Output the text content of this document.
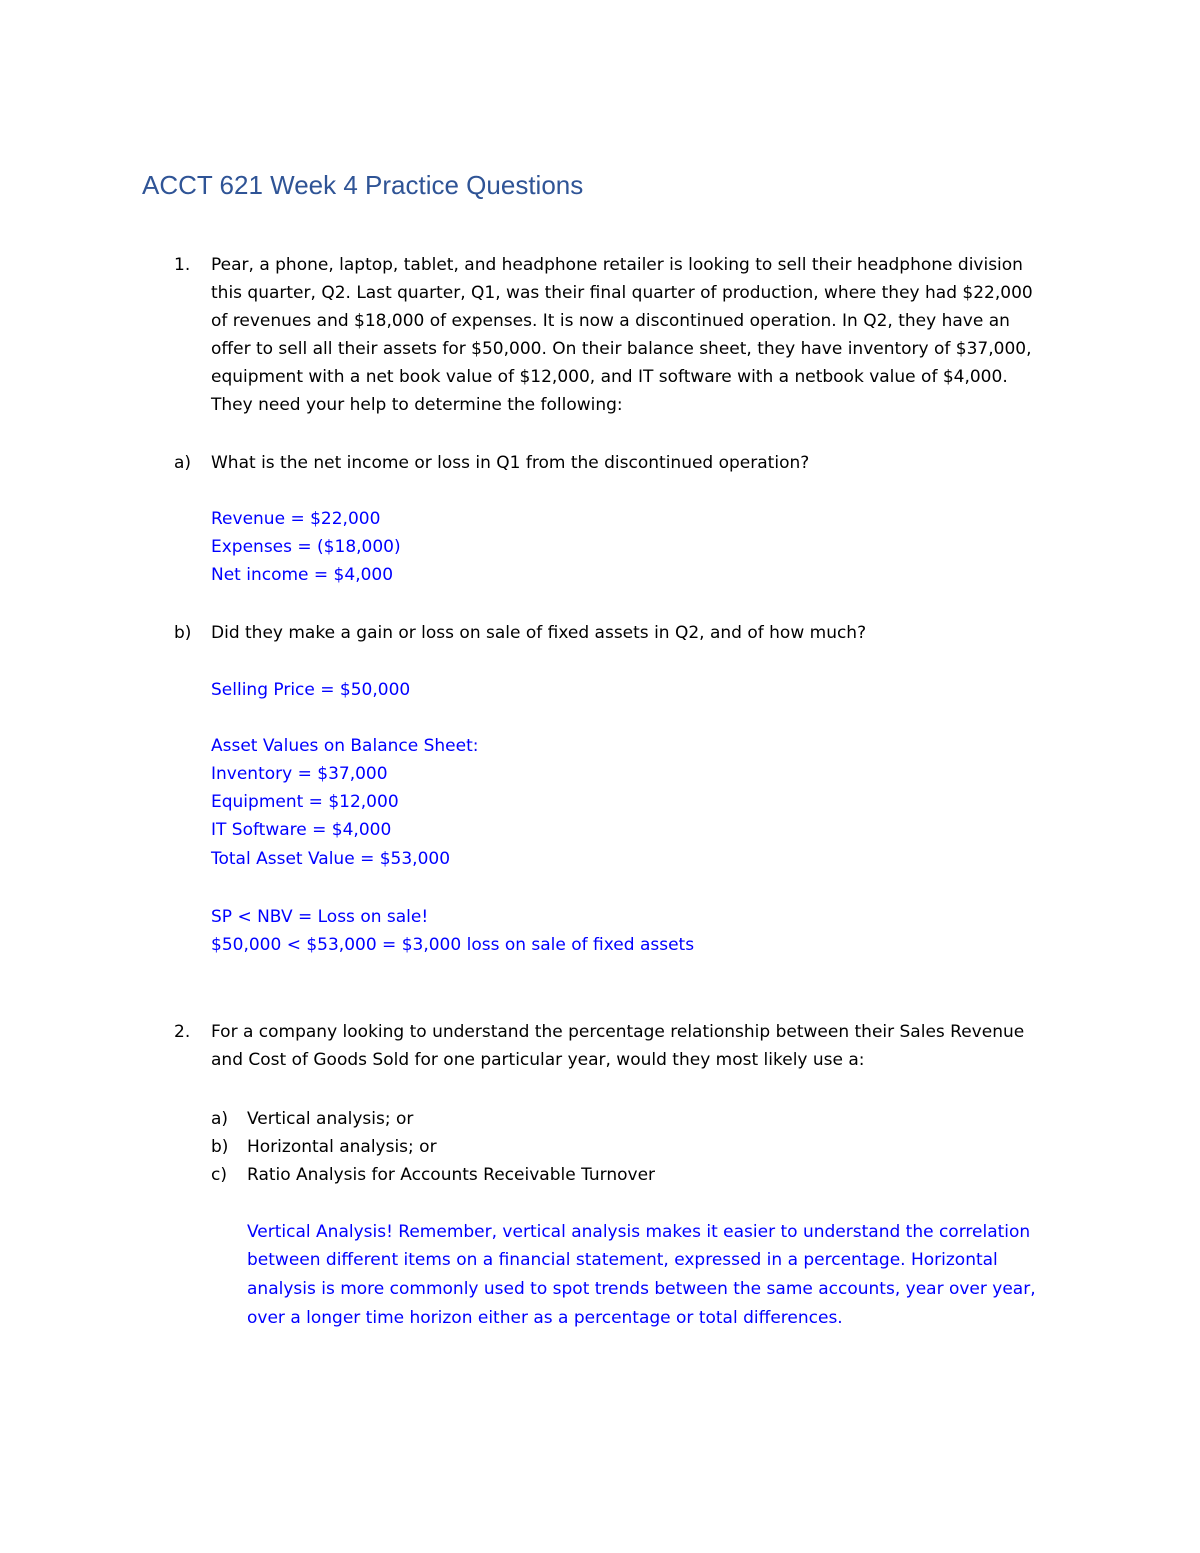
ACCT 621 Week 4 Practice Questions

1. Pear, a phone, laptop, tablet, and headphone retailer is looking to sell their headphone division

this quarter, Q2. Last quarter, Q1, was their final quarter of production, where they had $22,000

of revenues and $18,000 of expenses. It is now a discontinued operation. In Q2, they have an

offer to sell all their assets for $50,000. On their balance sheet, they have inventory of $37,000,

equipment with a net book value of $12,000, and IT software with a netbook value of $4,000.

They need your help to determine the following:

a) What is the net income or loss in Q1 from the discontinued operation?

Revenue = $22,000

Expenses = ($18,000)

Net income = $4,000

b) Did they make a gain or loss on sale of fixed assets in Q2, and of how much?

Selling Price = $50,000

Asset Values on Balance Sheet:

Inventory = $37,000

Equipment = $12,000

IT Software = $4,000

Total Asset Value = $53,000

SP < NBV = Loss on sale!

$50,000 < $53,000 = $3,000 loss on sale of fixed assets

2. For a company looking to understand the percentage relationship between their Sales Revenue

and Cost of Goods Sold for one particular year, would they most likely use a:

a) Vertical analysis; or

b) Horizontal analysis; or

c) Ratio Analysis for Accounts Receivable Turnover

Vertical Analysis! Remember, vertical analysis makes it easier to understand the correlation

between different items on a financial statement, expressed in a percentage. Horizontal

analysis is more commonly used to spot trends between the same accounts, year over year,

over a longer time horizon either as a percentage or total differences.
